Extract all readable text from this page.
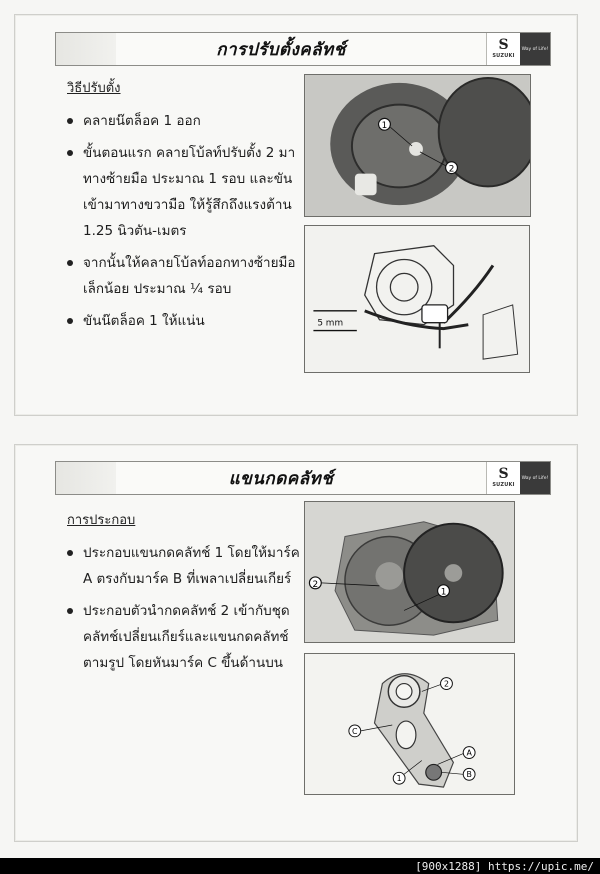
การปรับตั้งคลัทช์	S
SUZUKI
Way of Life!
วิธีปรับตั้ง
คลายน๊ตล็อค 1 ออก
ขั้นตอนแรก คลายโบ้ลท์ปรับตั้ง 2 มาทางซ้ายมือ ประมาณ 1 รอบ และขันเข้ามาทางขวามือ ให้รู้สึกถึงแรงต้าน 1.25 นิวตัน-เมตร
จากนั้นให้คลายโบ้ลท์ออกทางซ้ายมือเล็กน้อย ประมาณ ¼ รอบ
ขันน๊ตล็อค 1 ให้แน่น
1
2
5 mm
แขนกดคลัทช์	S
SUZUKI
Way of Life!
การประกอบ
ประกอบแขนกดคลัทช์ 1 โดยให้มาร์ค A ตรงกับมาร์ค B ที่เพลาเปลี่ยนเกียร์
ประกอบตัวนำกดคลัทช์ 2 เข้ากับชุดคลัทช์เปลี่ยนเกียร์และแขนกดคลัทช์ตามรูป โดยหันมาร์ค C ขึ้นด้านบน
2
1
2
C
A
B
1
[900x1288] https://upic.me/
